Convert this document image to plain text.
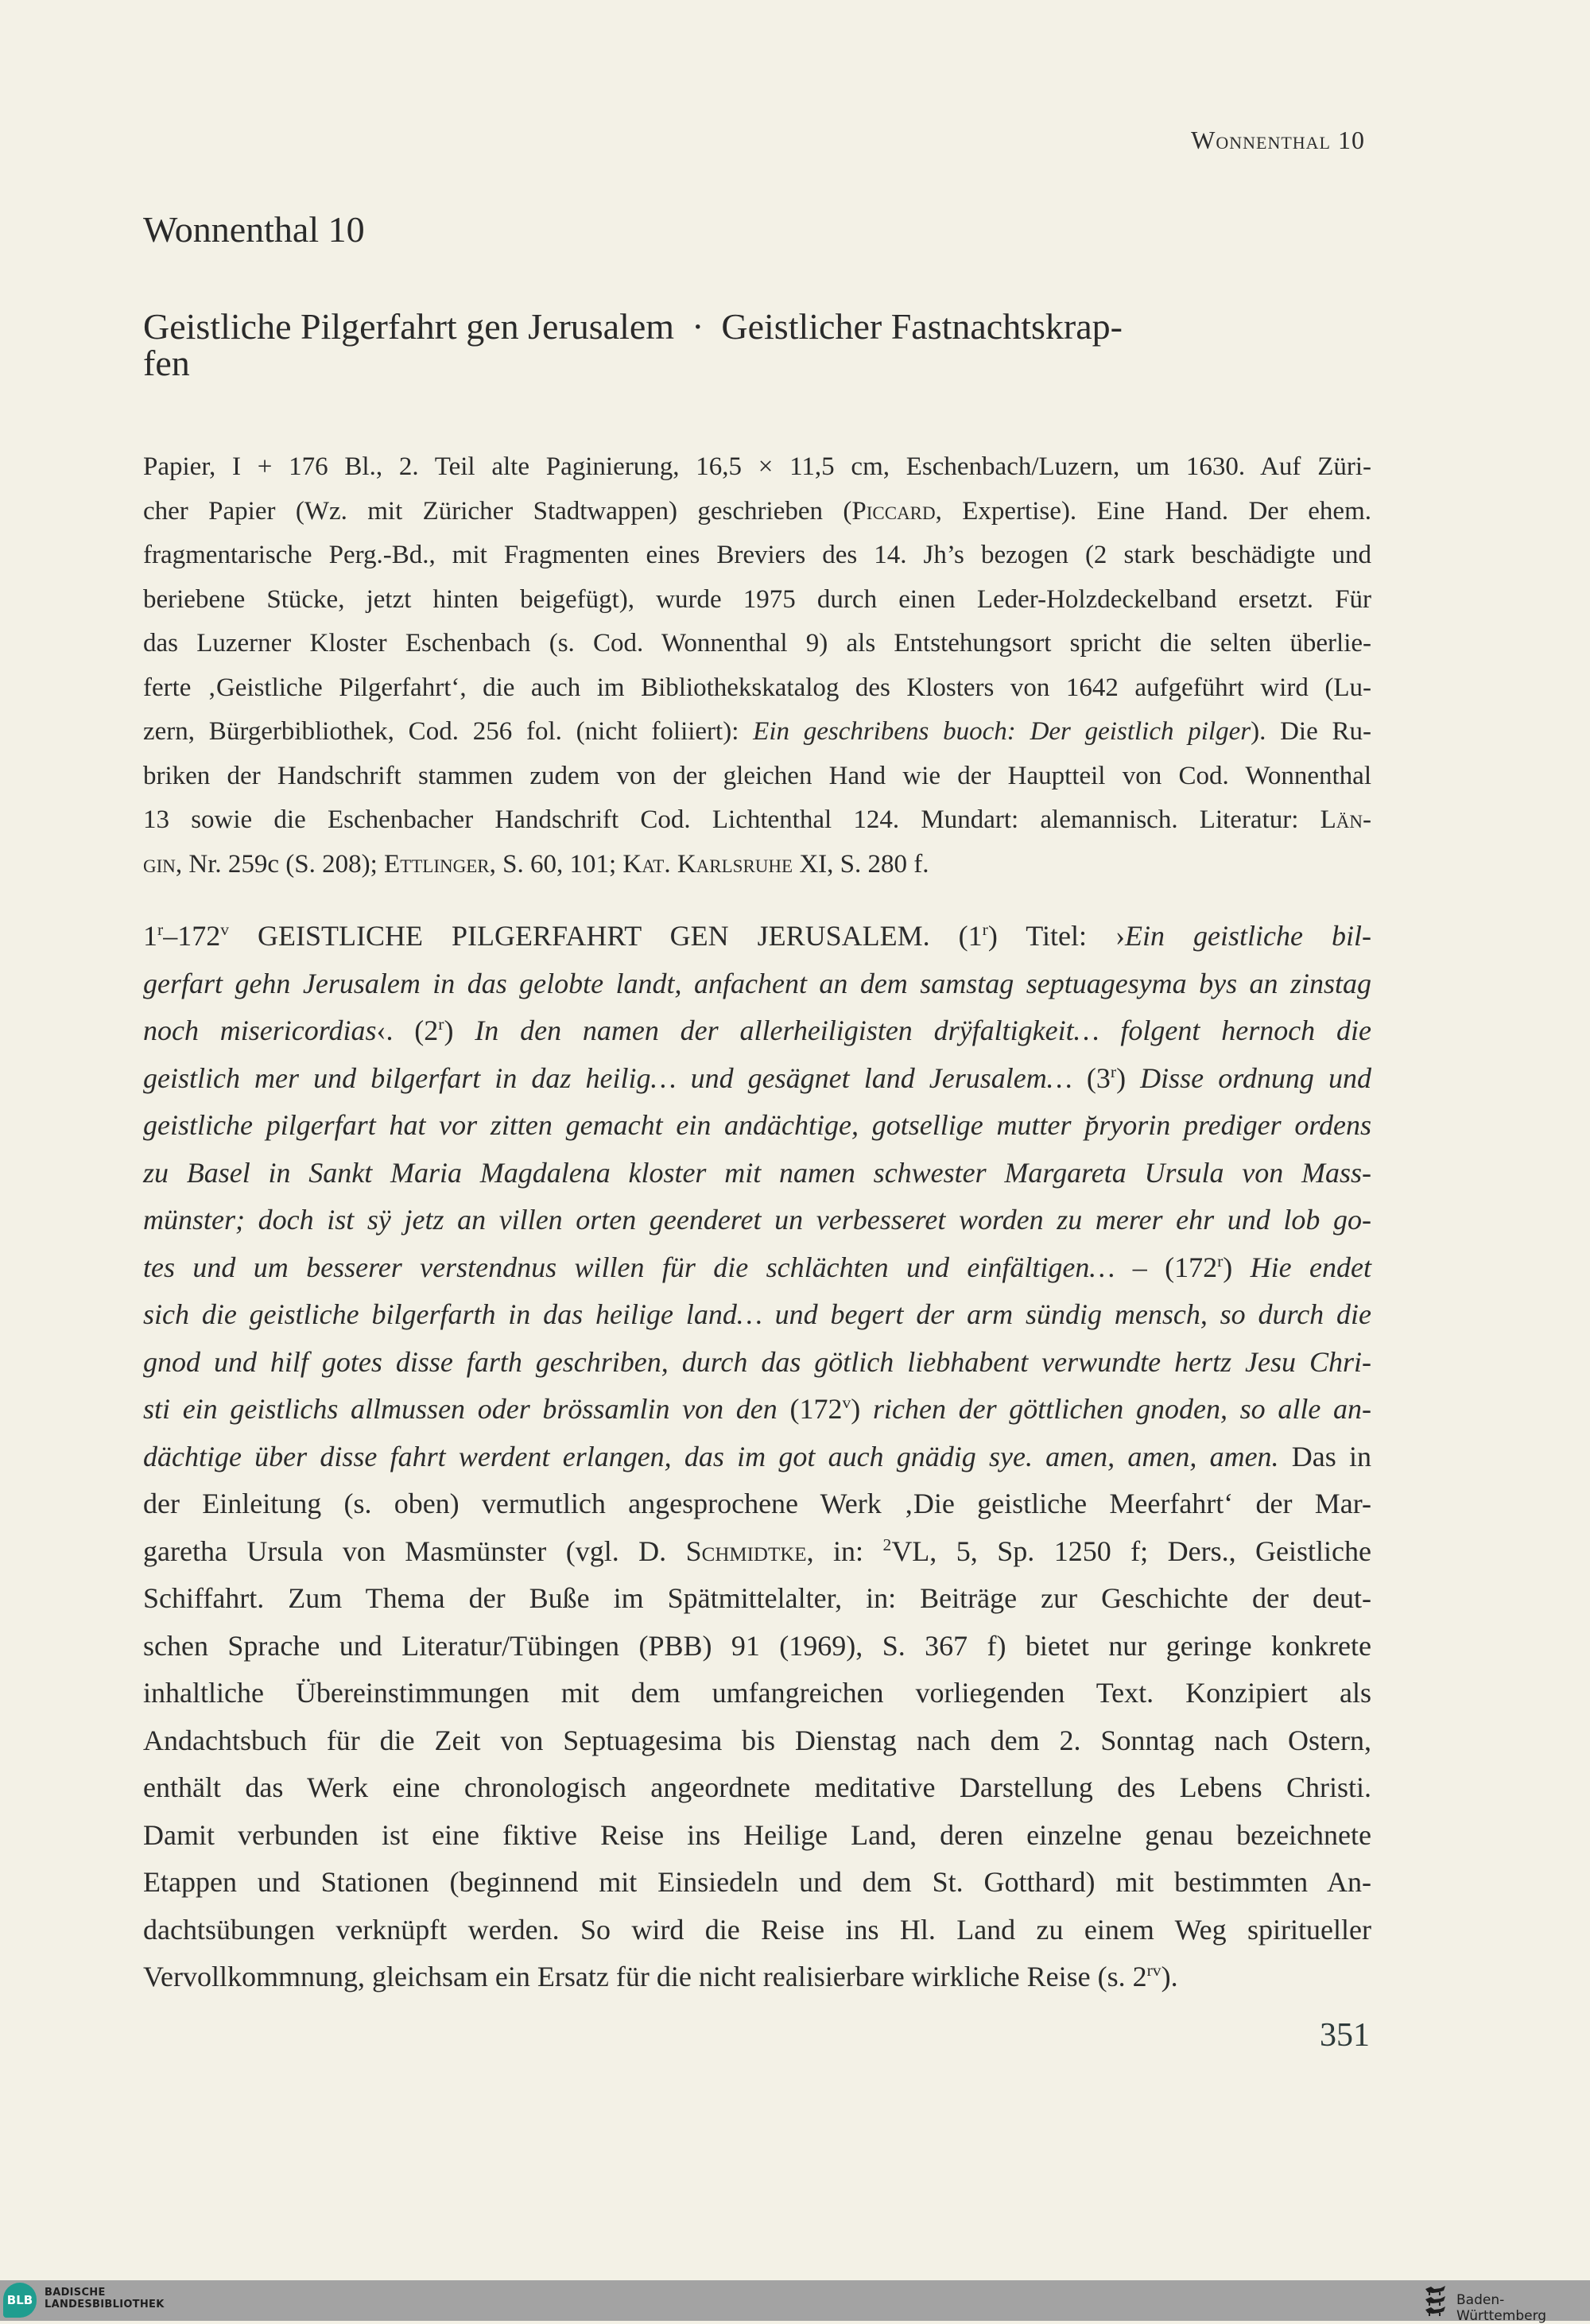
Wonnenthal 10
Wonnenthal 10
Geistliche Pilgerfahrt gen Jerusalem · Geistlicher Fastnachtskrap-
fen
Papier, I + 176 Bl., 2. Teil alte Paginierung, 16,5 × 11,5 cm, Eschenbach/Luzern, um 1630. Auf Züri-
cher Papier (Wz. mit Züricher Stadtwappen) geschrieben (Piccard, Expertise). Eine Hand. Der ehem.
fragmentarische Perg.-Bd., mit Fragmenten eines Breviers des 14. Jh’s bezogen (2 stark beschädigte und
beriebene Stücke, jetzt hinten beigefügt), wurde 1975 durch einen Leder-Holzdeckelband ersetzt. Für
das Luzerner Kloster Eschenbach (s. Cod. Wonnenthal 9) als Entstehungsort spricht die selten überlie-
ferte ‚Geistliche Pilgerfahrt‘, die auch im Bibliothekskatalog des Klosters von 1642 aufgeführt wird (Lu-
zern, Bürgerbibliothek, Cod. 256 fol. (nicht foliiert): Ein geschribens buoch: Der geistlich pilger). Die Ru-
briken der Handschrift stammen zudem von der gleichen Hand wie der Hauptteil von Cod. Wonnenthal
13 sowie die Eschenbacher Handschrift Cod. Lichtenthal 124. Mundart: alemannisch. Literatur: Län-
gin, Nr. 259c (S. 208); Ettlinger, S. 60, 101; Kat. Karlsruhe XI, S. 280 f.
1$^r$–172$^v$ GEISTLICHE PILGERFAHRT GEN JERUSALEM. (1$^r$) Titel: ›Ein geistliche bil-
gerfart gehn Jerusalem in das gelobte landt, anfachent an dem samstag septuagesyma bys an zinstag
noch misericordias‹. (2$^r$) In den namen der allerheiligisten drÿfaltigkeit… folgent hernoch die
geistlich mer und bilgerfart in daz heilig… und gesägnet land Jerusalem… (3$^r$) Disse ordnung und
geistliche pilgerfart hat vor zitten gemacht ein andächtige, gotsellige mutter p̆ryorin prediger ordens
zu Basel in Sankt Maria Magdalena kloster mit namen schwester Margareta Ursula von Mass-
münster; doch ist sÿ jetz an villen orten geenderet un verbesseret worden zu merer ehr und lob go-
tes und um besserer verstendnus willen für die schlächten und einfältigen… – (172$^r$) Hie endet
sich die geistliche bilgerfarth in das heilige land… und begert der arm sündig mensch, so durch die
gnod und hilf gotes disse farth geschriben, durch das götlich liebhabent verwundte hertz Jesu Chri-
sti ein geistlichs allmussen oder brössamlin von den (172$^v$) richen der göttlichen gnoden, so alle an-
dächtige über disse fahrt werdent erlangen, das im got auch gnädig sye. amen, amen, amen. Das in
der Einleitung (s. oben) vermutlich angesprochene Werk ‚Die geistliche Meerfahrt‘ der Mar-
garetha Ursula von Masmünster (vgl. D. Schmidtke, in: $^2$VL, 5, Sp. 1250 f; Ders., Geistliche
Schiffahrt. Zum Thema der Buße im Spätmittelalter, in: Beiträge zur Geschichte der deut-
schen Sprache und Literatur/Tübingen (PBB) 91 (1969), S. 367 f) bietet nur geringe konkrete
inhaltliche Übereinstimmungen mit dem umfangreichen vorliegenden Text. Konzipiert als
Andachtsbuch für die Zeit von Septuagesima bis Dienstag nach dem 2. Sonntag nach Ostern,
enthält das Werk eine chronologisch angeordnete meditative Darstellung des Lebens Christi.
Damit verbunden ist eine fiktive Reise ins Heilige Land, deren einzelne genau bezeichnete
Etappen und Stationen (beginnend mit Einsiedeln und dem St. Gotthard) mit bestimmten An-
dachtsübungen verknüpft werden. So wird die Reise ins Hl. Land zu einem Weg spiritueller
Vervollkommnung, gleichsam ein Ersatz für die nicht realisierbare wirkliche Reise (s. $2^{rv}$).
351
BLB
BADISCHE
LANDESBIBLIOTHEK	Baden-Württemberg
